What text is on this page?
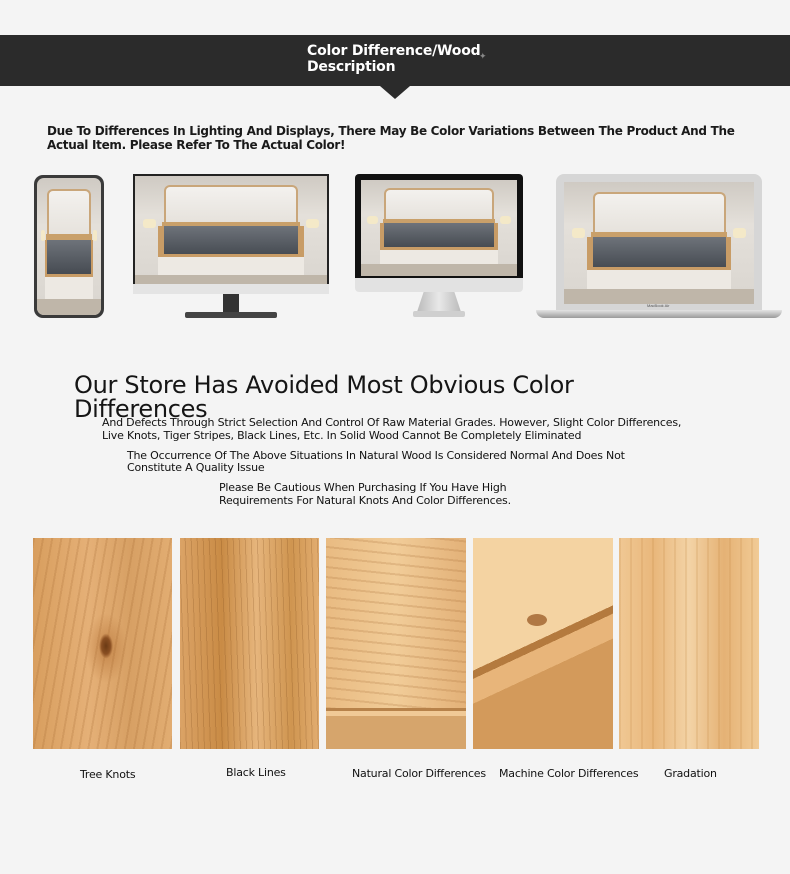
Color Difference/Wood Description
✦
Due To Differences In Lighting And Displays, There May Be Color Variations Between The Product And The Actual Item. Please Refer To The Actual Color!
MacBook Air
Our Store Has Avoided Most Obvious Color Differences
And Defects Through Strict Selection And Control Of Raw Material Grades. However, Slight Color Differences, Live Knots, Tiger Stripes, Black Lines, Etc. In Solid Wood Cannot Be Completely Eliminated
The Occurrence Of The Above Situations In Natural Wood Is Considered Normal And Does Not Constitute A Quality Issue
Please Be Cautious When Purchasing If You Have High Requirements For Natural Knots And Color Differences.
Tree Knots	Black Lines	Natural Color Differences Machine Color Differences Gradation
